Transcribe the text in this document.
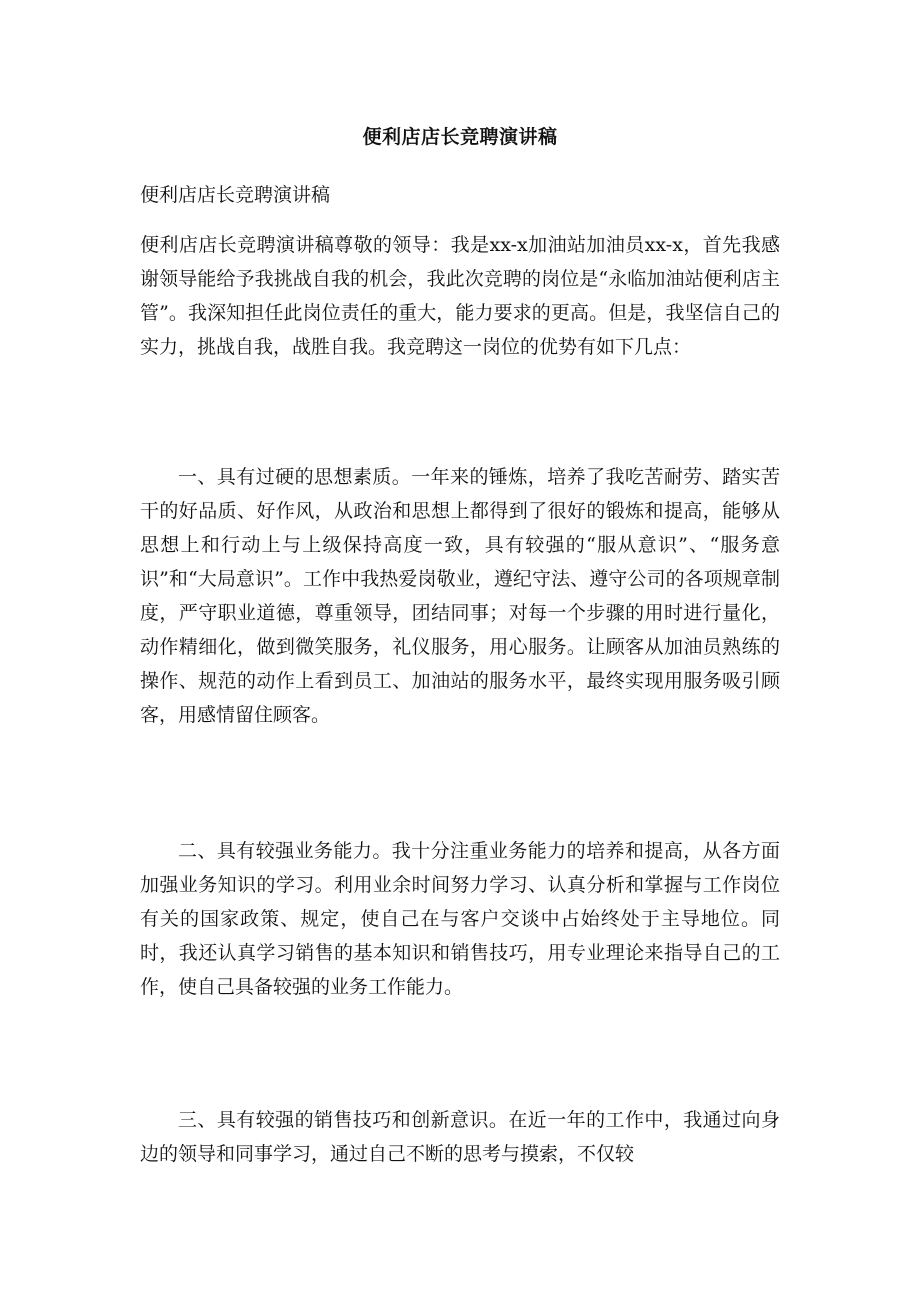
便利店店长竞聘演讲稿
便利店店长竞聘演讲稿
便利店店长竞聘演讲稿尊敬的领导：我是xx-x加油站加油员xx-x，首先我感谢领导能给予我挑战自我的机会，我此次竞聘的岗位是“永临加油站便利店主管”。我深知担任此岗位责任的重大，能力要求的更高。但是，我坚信自己的实力，挑战自我，战胜自我。我竞聘这一岗位的优势有如下几点：
一、具有过硬的思想素质。一年来的锤炼，培养了我吃苦耐劳、踏实苦干的好品质、好作风，从政治和思想上都得到了很好的锻炼和提高，能够从思想上和行动上与上级保持高度一致，具有较强的“服从意识”、“服务意识”和“大局意识”。工作中我热爱岗敬业，遵纪守法、遵守公司的各项规章制度，严守职业道德，尊重领导，团结同事；对每一个步骤的用时进行量化，动作精细化，做到微笑服务，礼仪服务，用心服务。让顾客从加油员熟练的操作、规范的动作上看到员工、加油站的服务水平，最终实现用服务吸引顾客，用感情留住顾客。
二、具有较强业务能力。我十分注重业务能力的培养和提高，从各方面加强业务知识的学习。利用业余时间努力学习、认真分析和掌握与工作岗位有关的国家政策、规定，使自己在与客户交谈中占始终处于主导地位。同时，我还认真学习销售的基本知识和销售技巧，用专业理论来指导自己的工作，使自己具备较强的业务工作能力。
三、具有较强的销售技巧和创新意识。在近一年的工作中，我通过向身边的领导和同事学习，通过自己不断的思考与摸索，不仅较
